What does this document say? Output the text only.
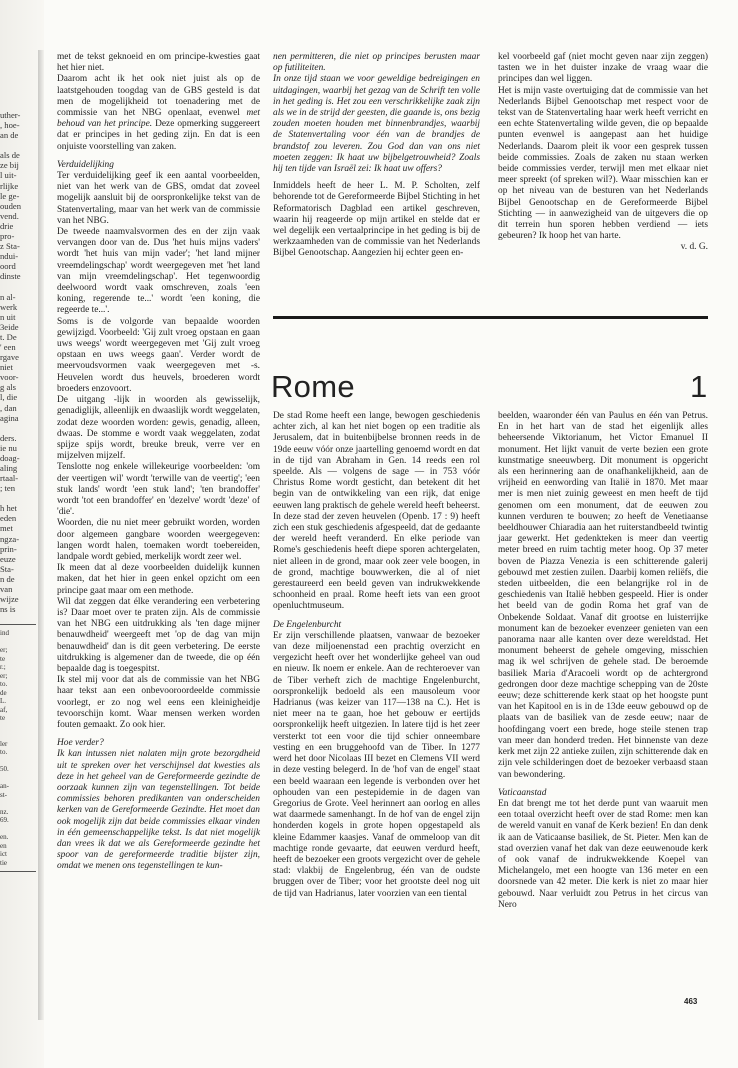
uther-
, hoe-
an de
als de
ze bij
l uit-
rlijke
le ge-
ouden
vend.
drie
pro-
z Sta-
ndui-
oord
dinste
n al-
werk
n uit
3eide
t. De
' een
rgave
niet
voor-
g als
l, die
, dan
agina
ders.
ie nu
doag-
aling
rtaal-
; ten
h het
eden
met
ngza-
prin-
euze
Sta-
n de
van
wijze
ns is
ind

er;
te
r.;
er;
to.
de
L.
af,
te

ler
to.

50.

an-
st-

nz.
69.

en.
en
ict
tie

met de tekst geknoeid en om principe-kwesties gaat het hier niet.

Daarom acht ik het ook niet juist als op de laatstgehouden toogdag van de GBS gesteld is dat men de mogelijkheid tot toenadering met de commissie van het NBG openlaat, evenwel met behoud van het principe. Deze opmerking suggereert dat er principes in het geding zijn. En dat is een onjuiste voorstelling van zaken.

Verduidelijking

Ter verduidelijking geef ik een aantal voorbeelden, niet van het werk van de GBS, omdat dat zoveel mogelijk aansluit bij de oorspronkelijke tekst van de Statenvertaling, maar van het werk van de commissie van het NBG.

De tweede naamvalsvormen des en der zijn vaak vervangen door van de. Dus 'het huis mijns vaders' wordt 'het huis van mijn vader'; 'het land mijner vreemdelingschap' wordt weergegeven met 'het land van mijn vreemdelingschap'. Het tegenwoordig deelwoord wordt vaak omschreven, zoals 'een koning, regerende te...' wordt 'een koning, die regeerde te...'.

Soms is de volgorde van bepaalde woorden gewijzigd. Voorbeeld: 'Gij zult vroeg opstaan en gaan uws weegs' wordt weergegeven met 'Gij zult vroeg opstaan en uws weegs gaan'. Verder wordt de meervoudsvormen vaak weergegeven met -s. Heuvelen wordt dus heuvels, broederen wordt broeders enzovoort.

De uitgang -lijk in woorden als gewisselijk, genadiglijk, alleenlijk en dwaaslijk wordt weggelaten, zodat deze woorden worden: gewis, genadig, alleen, dwaas. De stomme e wordt vaak weggelaten, zodat spijze spijs wordt, breuke breuk, verre ver en mijzelven mijzelf.

Tenslotte nog enkele willekeurige voorbeelden: 'om der veertigen wil' wordt 'terwille van de veertig'; 'een stuk lands' wordt 'een stuk land'; 'ten brandoffer' wordt 'tot een brandoffer' en 'dezelve' wordt 'deze' of 'die'.

Woorden, die nu niet meer gebruikt worden, worden door algemeen gangbare woorden weergegeven: langen wordt halen, toemaken wordt toebereiden, landpale wordt gebied, merkelijk wordt zeer wel.

Ik meen dat al deze voorbeelden duidelijk kunnen maken, dat het hier in geen enkel opzicht om een principe gaat maar om een methode.

Wil dat zeggen dat élke verandering een verbetering is? Daar moet over te praten zijn. Als de commissie van het NBG een uitdrukking als 'ten dage mijner benauwdheid' weergeeft met 'op de dag van mijn benauwdheid' dan is dit geen verbetering. De eerste uitdrukking is algemener dan de tweede, die op één bepaalde dag is toegespitst.

Ik stel mij voor dat als de commissie van het NBG haar tekst aan een onbevooroordeelde commissie voorlegt, er zo nog wel eens een kleinigheidje tevoorschijn komt. Waar mensen werken worden fouten gemaakt. Zo ook hier.

Hoe verder?

Ik kan intussen niet nalaten mijn grote bezorgdheid uit te spreken over het verschijnsel dat kwesties als deze in het geheel van de Gereformeerde gezindte de oorzaak kunnen zijn van tegenstellingen. Tot beide commissies behoren predikanten van onderscheiden kerken van de Gereformeerde Gezindte. Het moet dan ook mogelijk zijn dat beide commissies elkaar vinden in één gemeenschappelijke tekst. Is dat niet mogelijk dan vrees ik dat we als Gereformeerde gezindte het spoor van de gereformeerde traditie bijster zijn, omdat we menen ons tegenstellingen te kun-

nen permitteren, die niet op principes berusten maar op futiliteiten.

In onze tijd staan we voor geweldige bedreigingen en uitdagingen, waarbij het gezag van de Schrift ten volle in het geding is. Het zou een verschrikkelijke zaak zijn als we in de strijd der geesten, die gaande is, ons bezig zouden moeten houden met binnenbrandjes, waarbij de Statenvertaling voor één van de brandjes de brandstof zou leveren. Zou God dan van ons niet moeten zeggen: Ik haat uw bijbelgetrouwheid? Zoals hij ten tijde van Israël zei: Ik haat uw offers?

Inmiddels heeft de heer L. M. P. Scholten, zelf behorende tot de Gereformeerde Bijbel Stichting in het Reformatorisch Dagblad een artikel geschreven, waarin hij reageerde op mijn artikel en stelde dat er wel degelijk een vertaalprincipe in het geding is bij de werkzaamheden van de commissie van het Nederlands Bijbel Genootschap. Aangezien hij echter geen en-

kel voorbeeld gaf (niet mocht geven naar zijn zeggen) tasten we in het duister inzake de vraag waar die principes dan wel liggen.

Het is mijn vaste overtuiging dat de commissie van het Nederlands Bijbel Genootschap met respect voor de tekst van de Statenvertaling haar werk heeft verricht en een echte Statenvertaling wilde geven, die op bepaalde punten evenwel is aangepast aan het huidige Nederlands. Daarom pleit ik voor een gesprek tussen beide commissies. Zoals de zaken nu staan werken beide commissies verder, terwijl men met elkaar niet meer spreekt (of spreken wil?). Waar misschien kan er op het niveau van de besturen van het Nederlands Bijbel Genootschap en de Gereformeerde Bijbel Stichting — in aanwezigheid van de uitgevers die op dit terrein hun sporen hebben verdiend — iets gebeuren? Ik hoop het van harte.

v. d. G.

Rome	1

De stad Rome heeft een lange, bewogen geschiedenis achter zich, al kan het niet bogen op een traditie als Jerusalem, dat in buitenbijbelse bronnen reeds in de 19de eeuw vóór onze jaartelling genoemd wordt en dat in de tijd van Abraham in Gen. 14 reeds een rol speelde. Als — volgens de sage — in 753 vóór Christus Rome wordt gesticht, dan betekent dit het begin van de ontwikkeling van een rijk, dat enige eeuwen lang praktisch de gehele wereld heeft beheerst. In deze stad der zeven heuvelen (Openb. 17 : 9) heeft zich een stuk geschiedenis afgespeeld, dat de gedaante der wereld heeft veranderd. En elke periode van Rome's geschiedenis heeft diepe sporen achtergelaten, niet alleen in de grond, maar ook zeer vele boogen, in de grond, machtige bouwwerken, die al of niet gerestaureerd een beeld geven van indrukwekkende schoonheid en praal. Rome heeft iets van een groot openluchtmuseum.

De Engelenburcht

Er zijn verschillende plaatsen, vanwaar de bezoeker van deze miljoenenstad een prachtig overzicht en vergezicht heeft over het wonderlijke geheel van oud en nieuw. Ik noem er enkele. Aan de rechteroever van de Tiber verheft zich de machtige Engelenburcht, oorspronkelijk bedoeld als een mausoleum voor Hadrianus (was keizer van 117—138 na C.). Het is niet meer na te gaan, hoe het gebouw er eertijds oorspronkelijk heeft uitgezien. In latere tijd is het zeer versterkt tot een voor die tijd schier onneembare vesting en een bruggehoofd van de Tiber. In 1277 werd het door Nicolaas III bezet en Clemens VII werd in deze vesting belegerd. In de 'hof van de engel' staat een beeld waaraan een legende is verbonden over het ophouden van een pestepidemie in de dagen van Gregorius de Grote. Veel herinnert aan oorlog en alles wat daarmede samenhangt. In de hof van de engel zijn honderden kogels in grote hopen opgestapeld als kleine Edammer kaasjes. Vanaf de ommeloop van dit machtige ronde gevaarte, dat eeuwen verdurd heeft, heeft de bezoeker een groots vergezicht over de gehele stad: vlakbij de Engelenbrug, één van de oudste bruggen over de Tiber; voor het grootste deel nog uit de tijd van Hadrianus, later voorzien van een tiental

beelden, waaronder één van Paulus en één van Petrus. En in het hart van de stad het eigenlijk alles beheersende Viktorianum, het Victor Emanuel II monument. Het lijkt vanuit de verte bezien een grote kunstmatige sneeuwberg. Dit monument is opgericht als een herinnering aan de onafhankelijkheid, aan de vrijheid en eenwording van Italië in 1870. Met maar mer is men niet zuinig geweest en men heeft de tijd genomen om een monument, dat de eeuwen zou kunnen verduren te bouwen; zo heeft de Venetiaanse beeldhouwer Chiaradia aan het ruiterstandbeeld twintig jaar gewerkt. Het gedenkteken is meer dan veertig meter breed en ruim tachtig meter hoog. Op 37 meter boven de Piazza Venezia is een schitterende galerij gebouwd met zestien zuilen. Daarbij komen reliëfs, die steden uitbeelden, die een belangrijke rol in de geschiedenis van Italië hebben gespeeld. Hier is onder het beeld van de godin Roma het graf van de Onbekende Soldaat. Vanaf dit grootse en luisterrijke monument kan de bezoeker evenzeer genieten van een panorama naar alle kanten over deze wereldstad. Het monument beheerst de gehele omgeving, misschien mag ik wel schrijven de gehele stad. De beroemde basiliek Maria d'Aracoeli wordt op de achtergrond gedrongen door deze machtige schepping van de 20ste eeuw; deze schitterende kerk staat op het hoogste punt van het Kapitool en is in de 13de eeuw gebouwd op de plaats van de basiliek van de zesde eeuw; naar de hoofdingang voert een brede, hoge steile stenen trap van meer dan honderd treden. Het binnenste van deze kerk met zijn 22 antieke zuilen, zijn schitterende dak en zijn vele schilderingen doet de bezoeker verbaasd staan van bewondering.

Vaticaanstad

En dat brengt me tot het derde punt van waaruit men een totaal overzicht heeft over de stad Rome: men kan de wereld vanuit en vanaf de Kerk bezien! En dan denk ik aan de Vaticaanse basiliek, de St. Pieter. Men kan de stad overzien vanaf het dak van deze eeuwenoude kerk of ook vanaf de indrukwekkende Koepel van Michelangelo, met een hoogte van 136 meter en een doorsnede van 42 meter. Die kerk is niet zo maar hier gebouwd. Naar verluidt zou Petrus in het circus van Nero

463
